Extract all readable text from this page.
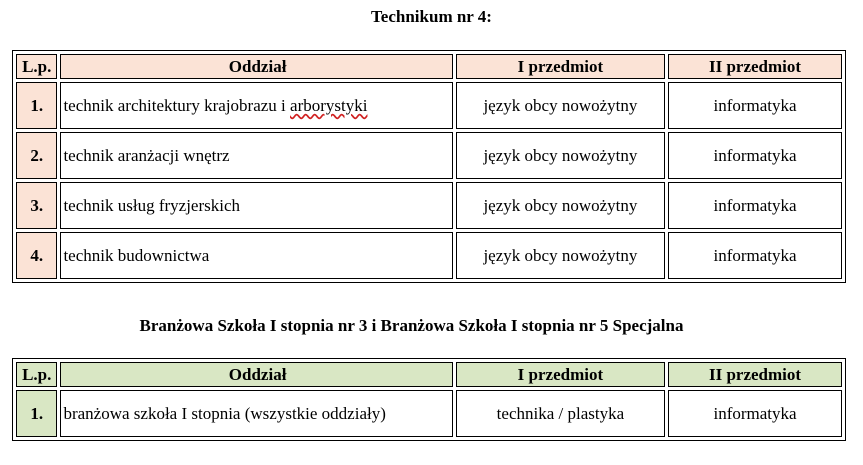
Technikum nr 4:
L.p.	Oddział	I przedmiot	II przedmiot
1.	technik architektury krajobrazu i arborystyki	język obcy nowożytny	informatyka
2.	technik aranżacji wnętrz	język obcy nowożytny	informatyka
3.	technik usług fryzjerskich	język obcy nowożytny	informatyka
4.	technik budownictwa	język obcy nowożytny	informatyka
Branżowa Szkoła I stopnia nr 3 i Branżowa Szkoła I stopnia nr 5 Specjalna
L.p.	Oddział	I przedmiot	II przedmiot
1.	branżowa szkoła I stopnia (wszystkie oddziały)	technika / plastyka	informatyka
